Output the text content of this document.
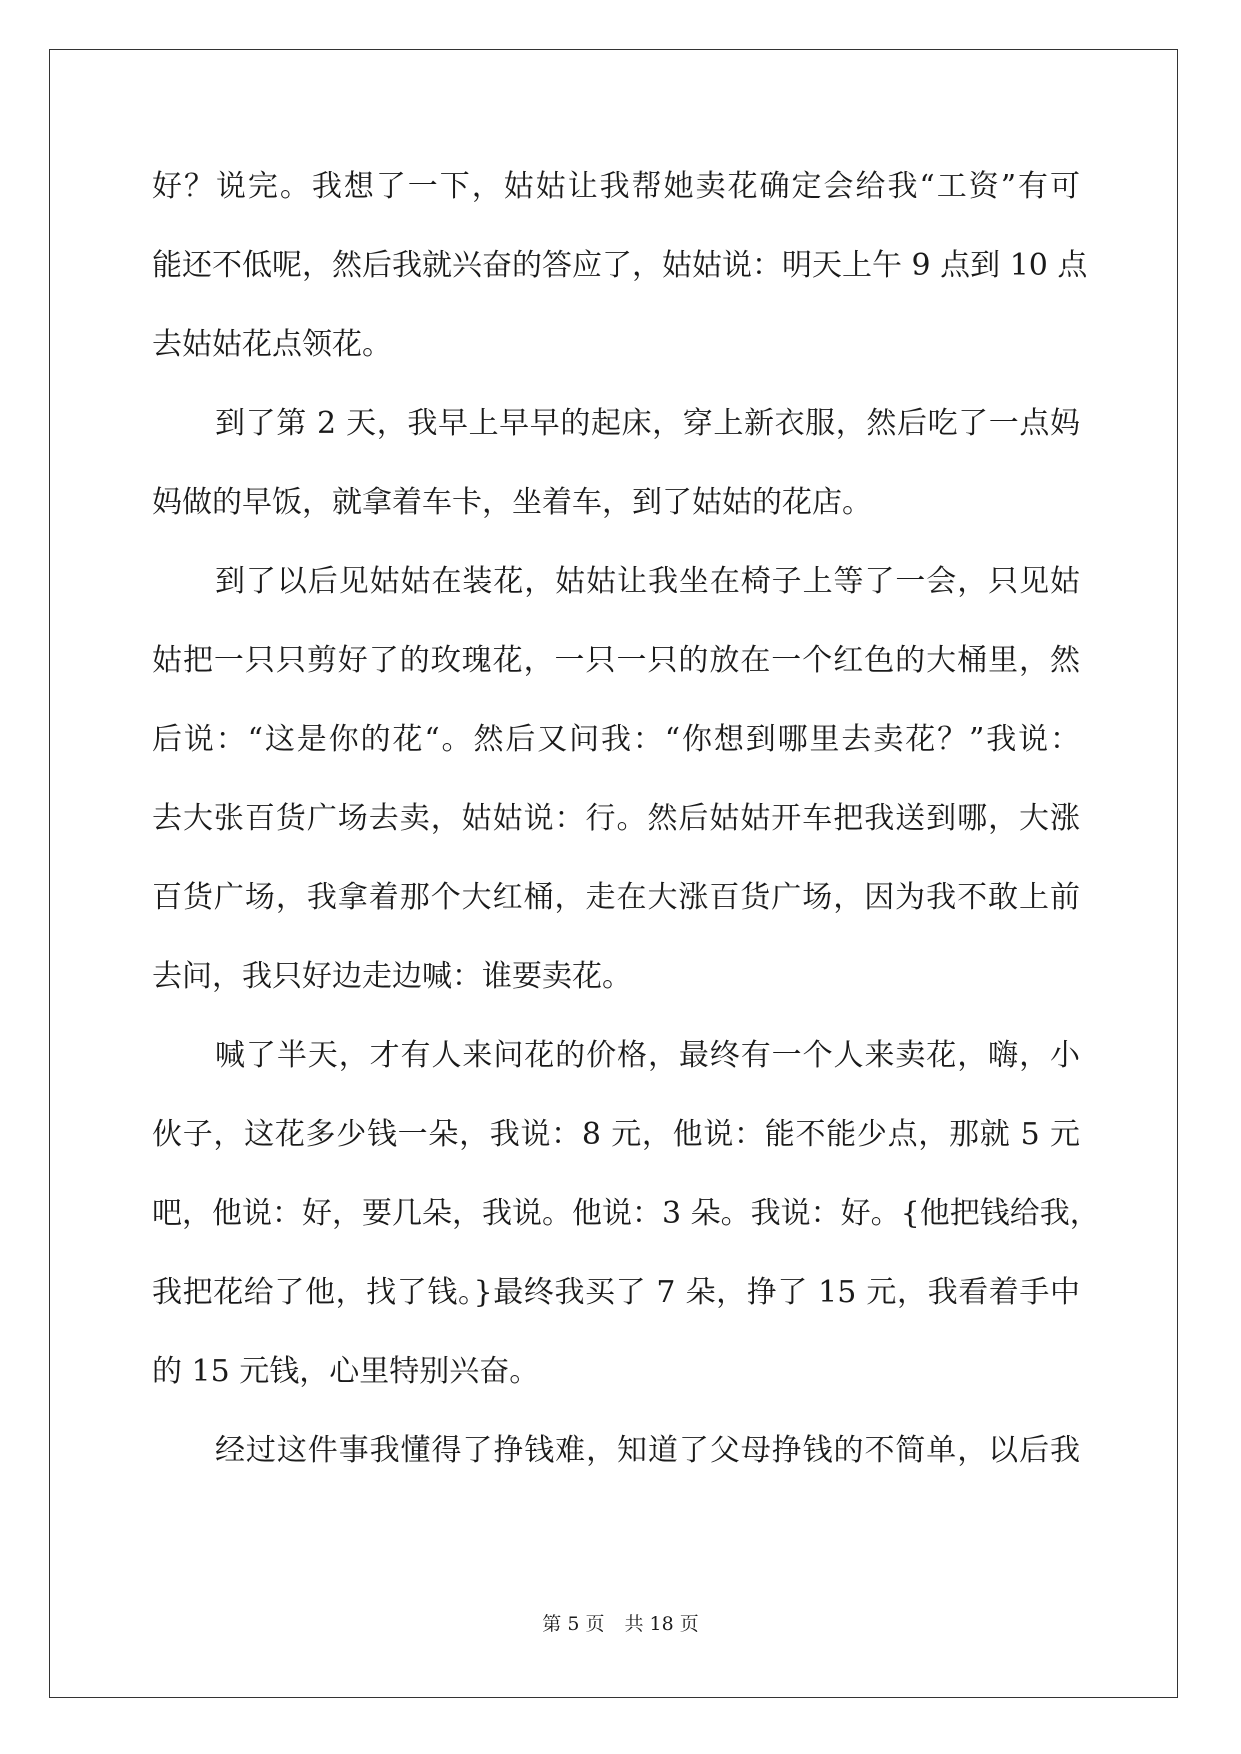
好？说完。我想了一下，姑姑让我帮她卖花确定会给我“工资”有可
能还不低呢，然后我就兴奋的答应了，姑姑说：明天上午 9 点到 10 点
去姑姑花点领花。
到了第 2 天，我早上早早的起床，穿上新衣服，然后吃了一点妈
妈做的早饭，就拿着车卡，坐着车，到了姑姑的花店。
到了以后见姑姑在装花，姑姑让我坐在椅子上等了一会，只见姑
姑把一只只剪好了的玫瑰花，一只一只的放在一个红色的大桶里，然
后说：“这是你的花“。然后又问我：“你想到哪里去卖花？”我说：
去大张百货广场去卖，姑姑说：行。然后姑姑开车把我送到哪，大涨
百货广场，我拿着那个大红桶，走在大涨百货广场，因为我不敢上前
去问，我只好边走边喊：谁要卖花。
喊了半天，才有人来问花的价格，最终有一个人来卖花，嗨，小
伙子，这花多少钱一朵，我说：8 元，他说：能不能少点，那就 5 元
吧，他说：好，要几朵，我说。他说：3 朵。我说：好。{他把钱给我，
我把花给了他，找了钱。}最终我买了 7 朵，挣了 15 元，我看着手中
的 15 元钱，心里特别兴奋。
经过这件事我懂得了挣钱难，知道了父母挣钱的不简单，以后我
第 5 页 共 18 页
